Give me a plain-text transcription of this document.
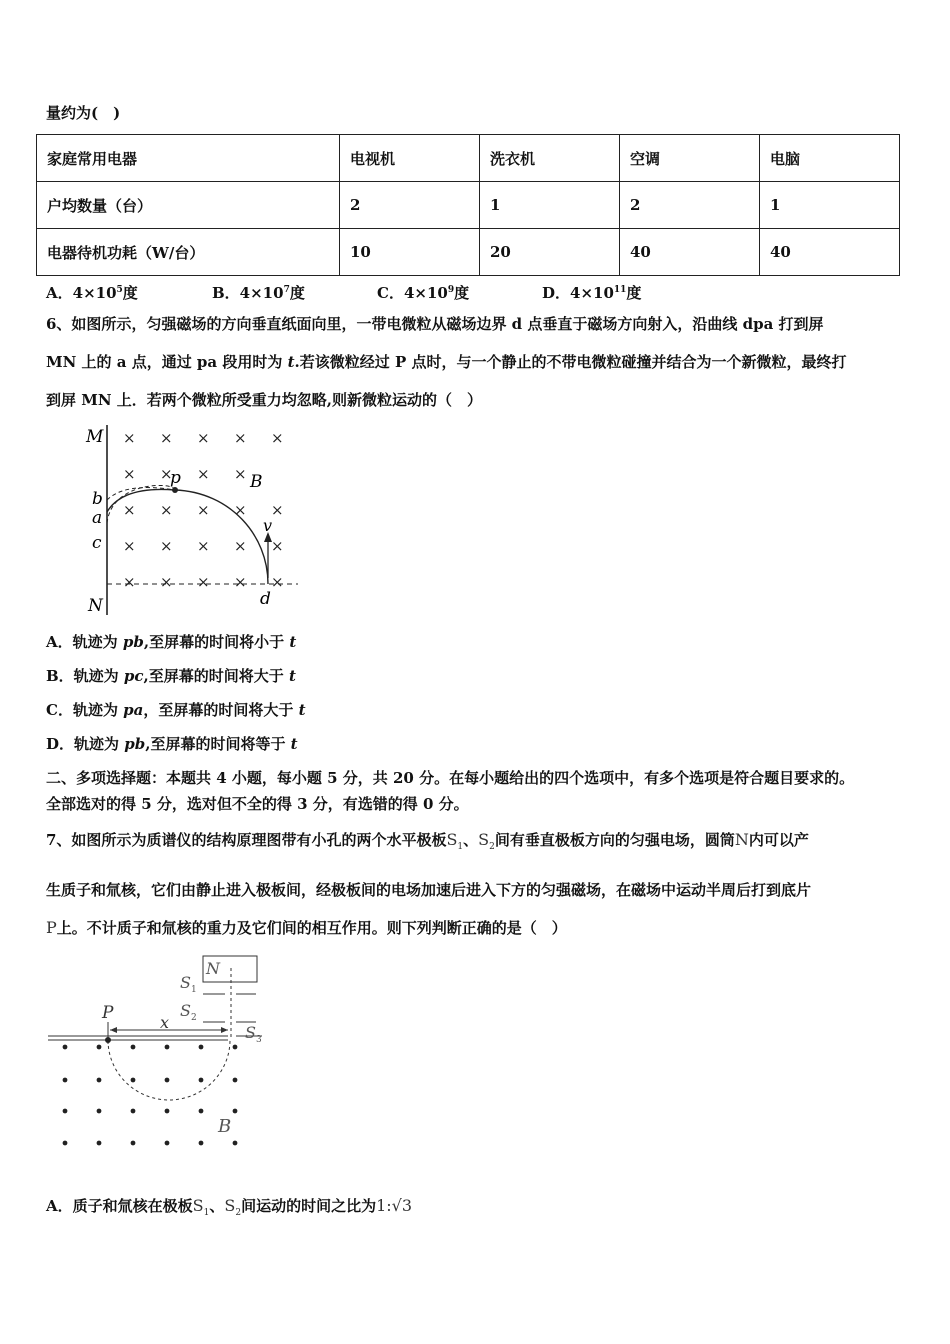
量约为(　)
家庭常用电器	电视机	洗衣机	空调	电脑
户均数量（台）	2	1	2	1
电器待机功耗（W/台）	10	20	40	40
A．$4\times 10^5$度	B．$4\times 10^7$度	C．$4\times 10^9$度	D．$4\times 10^{11}$度
6、如图所示，匀强磁场的方向垂直纸面向里，一带电微粒从磁场边界 d 点垂直于磁场方向射入，沿曲线 dpa 打到屏
MN 上的 a 点，通过 pa 段用时为 t.若该微粒经过 P 点时，与一个静止的不带电微粒碰撞并结合为一个新微粒，最终打
到屏 MN 上．若两个微粒所受重力均忽略,则新微粒运动的（　）
× × × × ×
× × × ×
× × × × ×
× × × × ×
× × × × ×
M
N
b
a
c
p	B
v
d
A．轨迹为 pb,至屏幕的时间将小于 t
B．轨迹为 pc,至屏幕的时间将大于 t
C．轨迹为 pa，至屏幕的时间将大于 t
D．轨迹为 pb,至屏幕的时间将等于 t
二、多项选择题：本题共 4 小题，每小题 5 分，共 20 分。在每小题给出的四个选项中，有多个选项是符合题目要求的。
全部选对的得 5 分，选对但不全的得 3 分，有选错的得 0 分。
7、如图所示为质谱仪的结构原理图带有小孔的两个水平极板$S_1$、$S_2$间有垂直极板方向的匀强电场，圆筒N内可以产
生质子和氚核，它们由静止进入极板间，经极板间的电场加速后进入下方的匀强磁场，在磁场中运动半周后打到底片
P上。不计质子和氚核的重力及它们间的相互作用。则下列判断正确的是（　）
N
S 1
S 2
S 3
P	x
B
A．质子和氚核在极板$S_1$、$S_2$间运动的时间之比为1:√3
